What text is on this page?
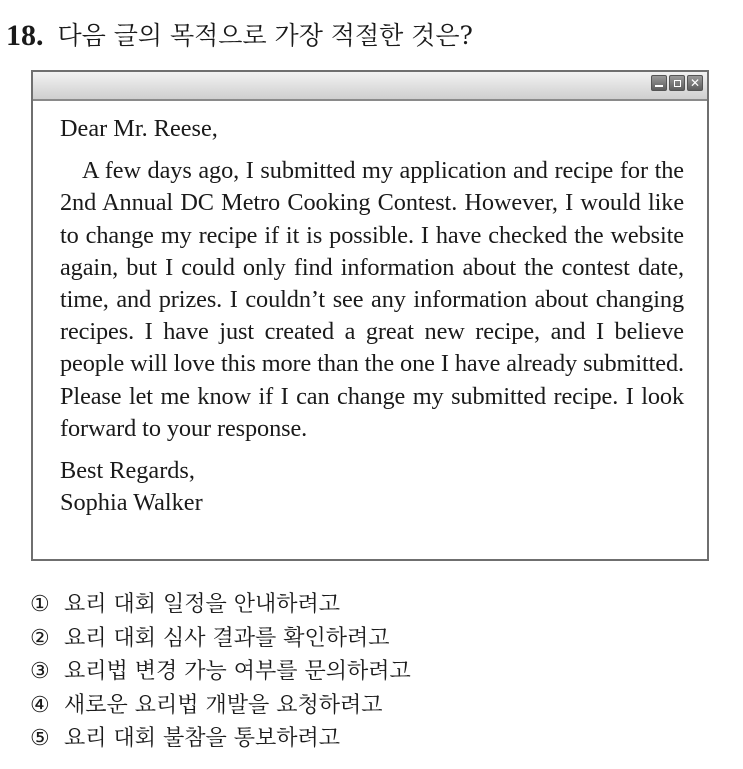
18. 다음 글의 목적으로 가장 적절한 것은?
✕

Dear Mr. Reese,

A few days ago, I submitted my application and recipe for the 2nd Annual DC Metro Cooking Contest. However, I would like to change my recipe if it is possible. I have checked the website again, but I could only find information about the contest date, time, and prizes. I couldn’t see any information about changing recipes. I have just created a great new recipe, and I believe people will love this more than the one I have already submitted. Please let me know if I can change my submitted recipe. I look forward to your response.

Best Regards,

Sophia Walker

① 요리 대회 일정을 안내하려고
② 요리 대회 심사 결과를 확인하려고
③ 요리법 변경 가능 여부를 문의하려고
④ 새로운 요리법 개발을 요청하려고
⑤ 요리 대회 불참을 통보하려고
